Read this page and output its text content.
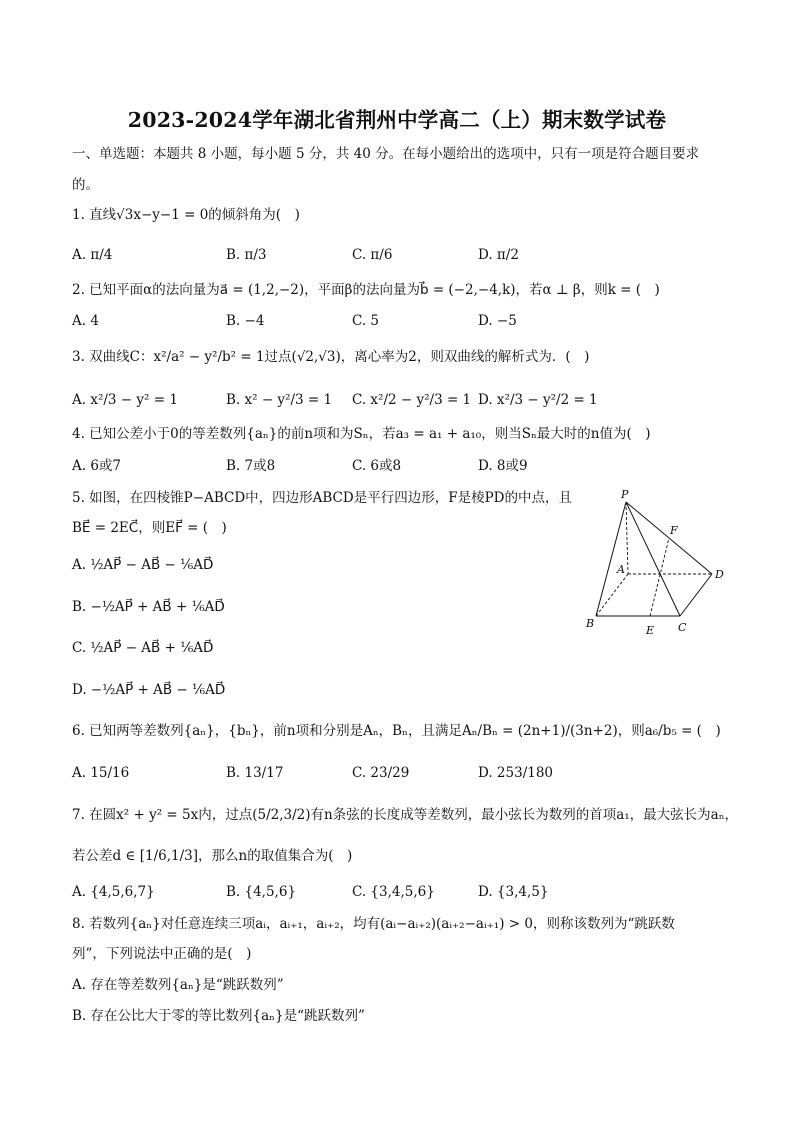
2023-2024学年湖北省荆州中学高二（上）期末数学试卷
一、单选题：本题共 8 小题，每小题 5 分，共 40 分。在每小题给出的选项中，只有一项是符合题目要求
的。
1. 直线√3x−y−1 = 0的倾斜角为(　)
A. π/4	B. π/3	C. π/6	D. π/2
2. 已知平面α的法向量为a⃗ = (1,2,−2)，平面β的法向量为b⃗ = (−2,−4,k)，若α ⊥ β，则k = (　)
A. 4	B. −4	C. 5	D. −5
3. 双曲线C：x²/a² − y²/b² = 1过点(√2,√3)，离心率为2，则双曲线的解析式为．(　)
A. x²/3 − y² = 1	B. x² − y²/3 = 1 C. x²/2 − y²/3 = 1 D. x²/3 − y²/2 = 1
4. 已知公差小于0的等差数列{aₙ}的前n项和为Sₙ，若a₃ = a₁ + a₁₀，则当Sₙ最大时的n值为(　)
A. 6或7	B. 7或8	C. 6或8	D. 8或9
5. 如图，在四棱锥P−ABCD中，四边形ABCD是平行四边形，F是棱PD的中点，且
BE⃗ = 2EC⃗，则EF⃗ = (　)
A. ½AP⃗ − AB⃗ − ⅙AD⃗
B. −½AP⃗ + AB⃗ + ⅙AD⃗
C. ½AP⃗ − AB⃗ + ⅙AD⃗
D. −½AP⃗ + AB⃗ − ⅙AD⃗
P
F
A	D
B
E C
6. 已知两等差数列{aₙ}，{bₙ}，前n项和分别是Aₙ，Bₙ，且满足Aₙ/Bₙ = (2n+1)/(3n+2)，则a₆/b₅ = (　)
A. 15/16	B. 13/17	C. 23/29	D. 253/180
7. 在圆x² + y² = 5x内，过点(5/2,3/2)有n条弦的长度成等差数列，最小弦长为数列的首项a₁，最大弦长为aₙ，
若公差d ∈ [1/6,1/3]，那么n的取值集合为(　)
A. {4,5,6,7}	B. {4,5,6}	C. {3,4,5,6}	D. {3,4,5}
8. 若数列{aₙ}对任意连续三项aᵢ，aᵢ₊₁，aᵢ₊₂，均有(aᵢ−aᵢ₊₂)(aᵢ₊₂−aᵢ₊₁) > 0，则称该数列为“跳跃数
列”，下列说法中正确的是(　)
A. 存在等差数列{aₙ}是“跳跃数列”
B. 存在公比大于零的等比数列{aₙ}是“跳跃数列”
